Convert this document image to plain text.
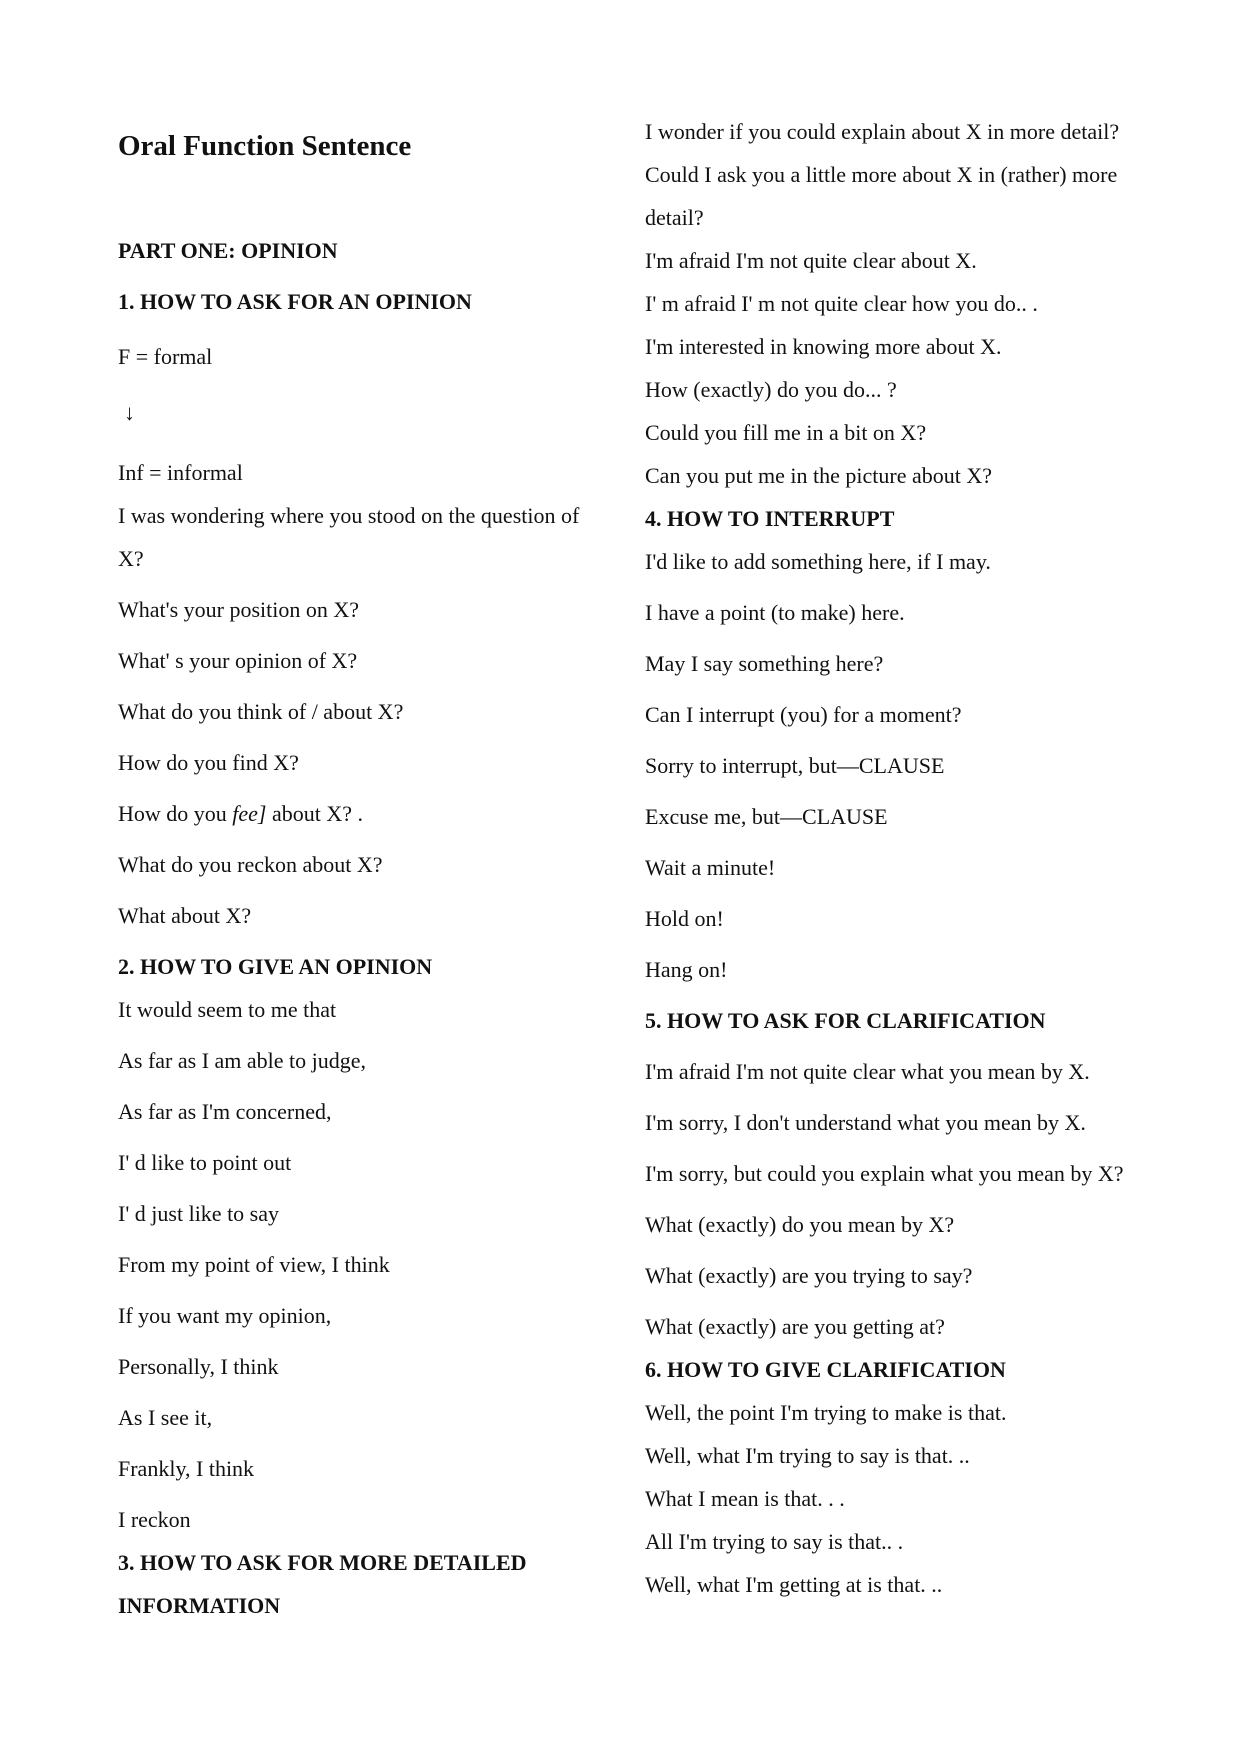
Oral Function Sentence
PART ONE: OPINION
1. HOW TO ASK FOR AN OPINION
F = formal
↓
Inf = informal
I was wondering where you stood on the question of
X?
What's your position on X?
What' s your opinion of X?
What do you think of / about X?
How do you find X?
How do you fee] about X? .
What do you reckon about X?
What about X?
2. HOW TO GIVE AN OPINION
It would seem to me that
As far as I am able to judge,
As far as I'm concerned,
I' d like to point out
I' d just like to say
From my point of view, I think
If you want my opinion,
Personally, I think
As I see it,
Frankly, I think
I reckon
3. HOW TO ASK FOR MORE DETAILED
INFORMATION
I wonder if you could explain about X in more detail?
Could I ask you a little more about X in (rather) more
detail?
I'm afraid I'm not quite clear about X.
I' m afraid I' m not quite clear how you do.. .
I'm interested in knowing more about X.
How (exactly) do you do... ?
Could you fill me in a bit on X?
Can you put me in the picture about X?
4. HOW TO INTERRUPT
I'd like to add something here, if I may.
I have a point (to make) here.
May I say something here?
Can I interrupt (you) for a moment?
Sorry to interrupt, but—CLAUSE
Excuse me, but—CLAUSE
Wait a minute!
Hold on!
Hang on!
5. HOW TO ASK FOR CLARIFICATION
I'm afraid I'm not quite clear what you mean by X.
I'm sorry, I don't understand what you mean by X.
I'm sorry, but could you explain what you mean by X?
What (exactly) do you mean by X?
What (exactly) are you trying to say?
What (exactly) are you getting at?
6. HOW TO GIVE CLARIFICATION
Well, the point I'm trying to make is that.
Well, what I'm trying to say is that. ..
What I mean is that. . .
All I'm trying to say is that.. .
Well, what I'm getting at is that. ..
